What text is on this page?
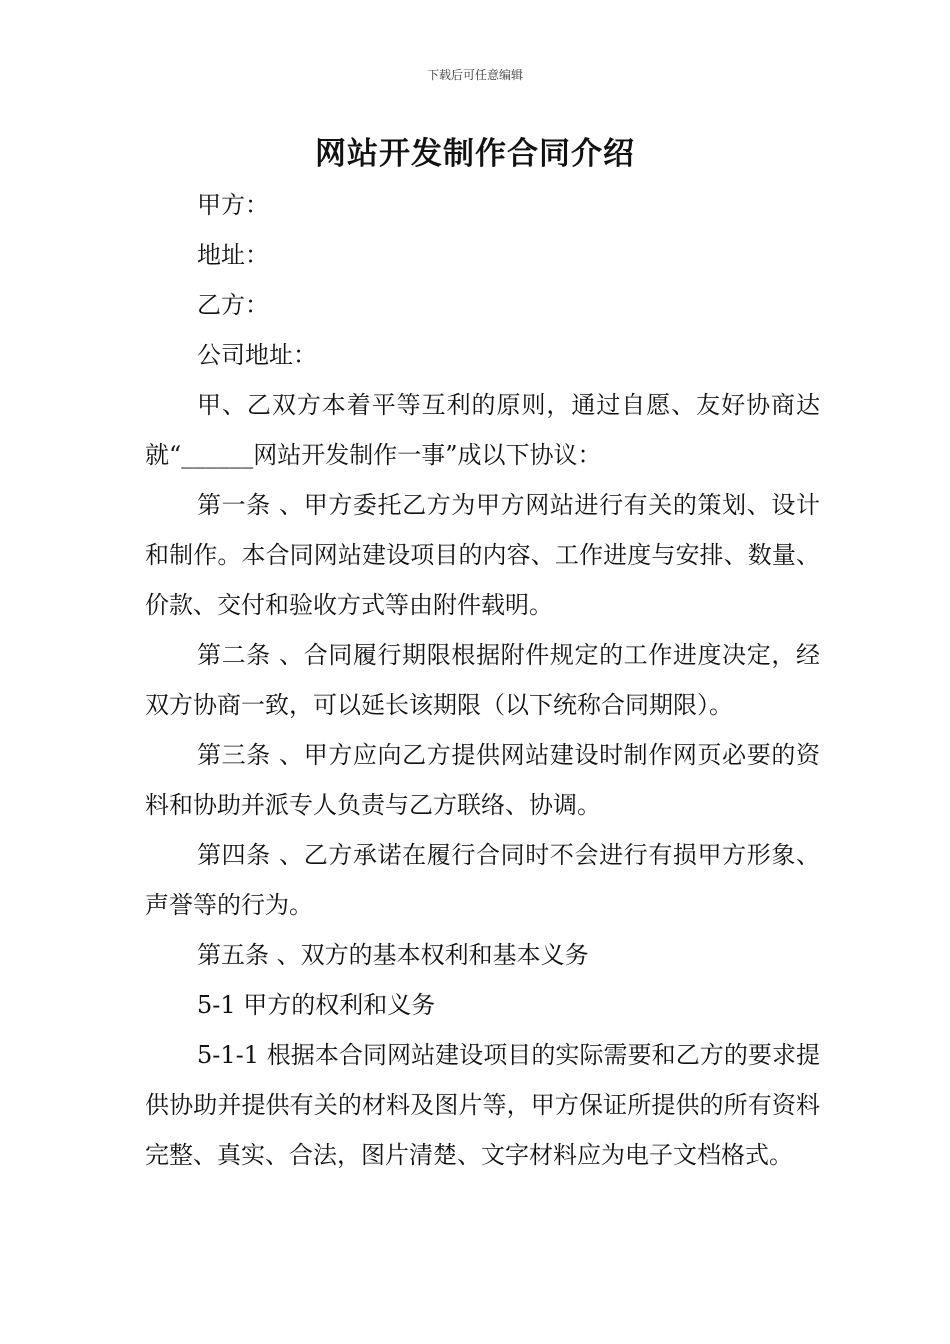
下载后可任意编辑
网站开发制作合同介绍

甲方：

地址：

乙方：

公司地址：

甲、乙双方本着平等互利的原则，通过自愿、友好协商达就“______网站开发制作一事”成以下协议：

第一条 、甲方委托乙方为甲方网站进行有关的策划、设计和制作。本合同网站建设项目的内容、工作进度与安排、数量、价款、交付和验收方式等由附件载明。

第二条 、合同履行期限根据附件规定的工作进度决定，经双方协商一致，可以延长该期限（以下统称合同期限）。

第三条 、甲方应向乙方提供网站建设时制作网页必要的资料和协助并派专人负责与乙方联络、协调。

第四条 、乙方承诺在履行合同时不会进行有损甲方形象、声誉等的行为。

第五条 、双方的基本权利和基本义务

5-1 甲方的权利和义务

5-1-1 根据本合同网站建设项目的实际需要和乙方的要求提供协助并提供有关的材料及图片等，甲方保证所提供的所有资料完整、真实、合法，图片清楚、文字材料应为电子文档格式。
